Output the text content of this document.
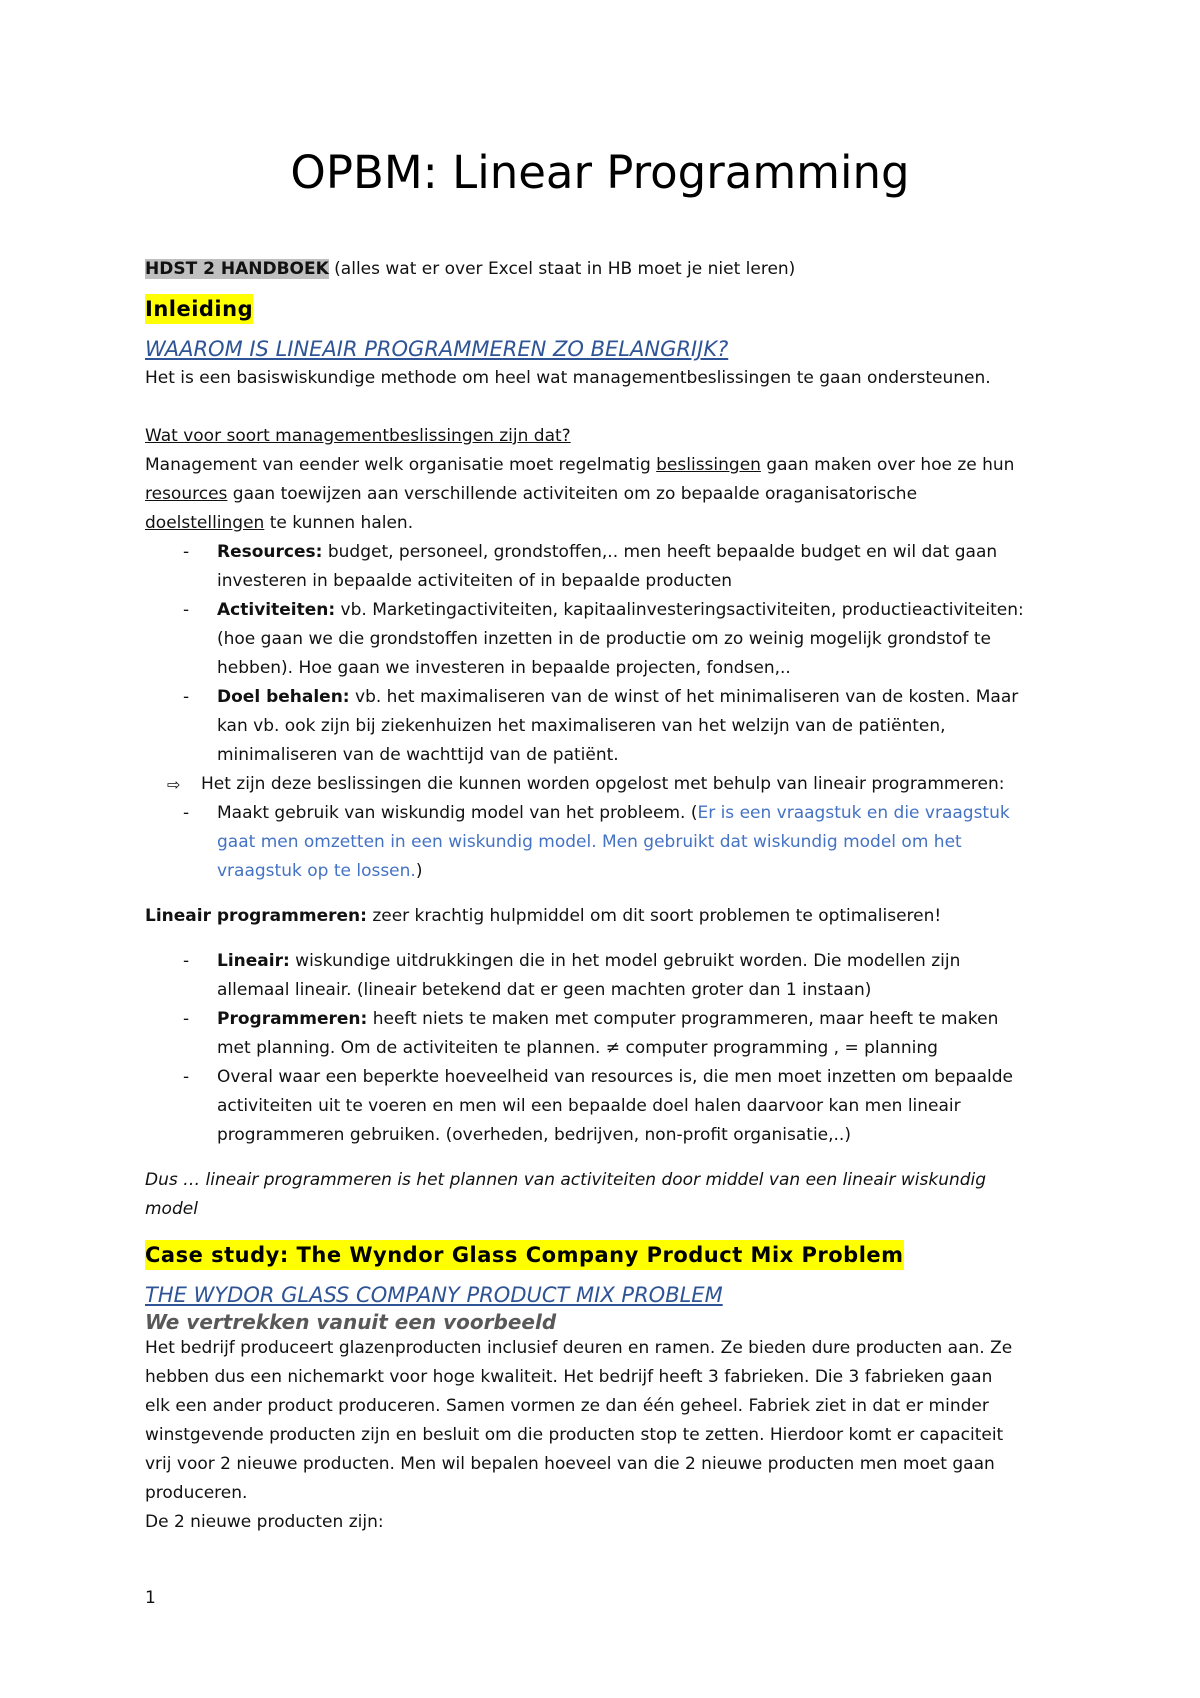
OPBM: Linear Programming
HDST 2 HANDBOEK (alles wat er over Excel staat in HB moet je niet leren)
Inleiding
WAAROM IS LINEAIR PROGRAMMEREN ZO BELANGRIJK?
Het is een basiswiskundige methode om heel wat managementbeslissingen te gaan ondersteunen.

Wat voor soort managementbeslissingen zijn dat?
Management van eender welk organisatie moet regelmatig beslissingen gaan maken over hoe ze hun
resources gaan toewijzen aan verschillende activiteiten om zo bepaalde oraganisatorische
doelstellingen te kunnen halen.
- Resources: budget, personeel, grondstoffen,.. men heeft bepaalde budget en wil dat gaan
investeren in bepaalde activiteiten of in bepaalde producten
- Activiteiten: vb. Marketingactiviteiten, kapitaalinvesteringsactiviteiten, productieactiviteiten:
(hoe gaan we die grondstoffen inzetten in de productie om zo weinig mogelijk grondstof te
hebben). Hoe gaan we investeren in bepaalde projecten, fondsen,..
- Doel behalen: vb. het maximaliseren van de winst of het minimaliseren van de kosten. Maar
kan vb. ook zijn bij ziekenhuizen het maximaliseren van het welzijn van de patiënten,
minimaliseren van de wachttijd van de patiënt.
⇨ Het zijn deze beslissingen die kunnen worden opgelost met behulp van lineair programmeren:
- Maakt gebruik van wiskundig model van het probleem. (Er is een vraagstuk en die vraagstuk
gaat men omzetten in een wiskundig model. Men gebruikt dat wiskundig model om het
vraagstuk op te lossen.)
Lineair programmeren: zeer krachtig hulpmiddel om dit soort problemen te optimaliseren!
- Lineair: wiskundige uitdrukkingen die in het model gebruikt worden. Die modellen zijn
allemaal lineair. (lineair betekend dat er geen machten groter dan 1 instaan)
- Programmeren: heeft niets te maken met computer programmeren, maar heeft te maken
met planning. Om de activiteiten te plannen. ≠ computer programming , = planning
- Overal waar een beperkte hoeveelheid van resources is, die men moet inzetten om bepaalde
activiteiten uit te voeren en men wil een bepaalde doel halen daarvoor kan men lineair
programmeren gebruiken. (overheden, bedrijven, non-profit organisatie,..)
Dus … lineair programmeren is het plannen van activiteiten door middel van een lineair wiskundig
model
Case study: The Wyndor Glass Company Product Mix Problem
THE WYDOR GLASS COMPANY PRODUCT MIX PROBLEM
We vertrekken vanuit een voorbeeld
Het bedrijf produceert glazenproducten inclusief deuren en ramen. Ze bieden dure producten aan. Ze
hebben dus een nichemarkt voor hoge kwaliteit. Het bedrijf heeft 3 fabrieken. Die 3 fabrieken gaan
elk een ander product produceren. Samen vormen ze dan één geheel. Fabriek ziet in dat er minder
winstgevende producten zijn en besluit om die producten stop te zetten. Hierdoor komt er capaciteit
vrij voor 2 nieuwe producten. Men wil bepalen hoeveel van die 2 nieuwe producten men moet gaan
produceren.
De 2 nieuwe producten zijn:
1
